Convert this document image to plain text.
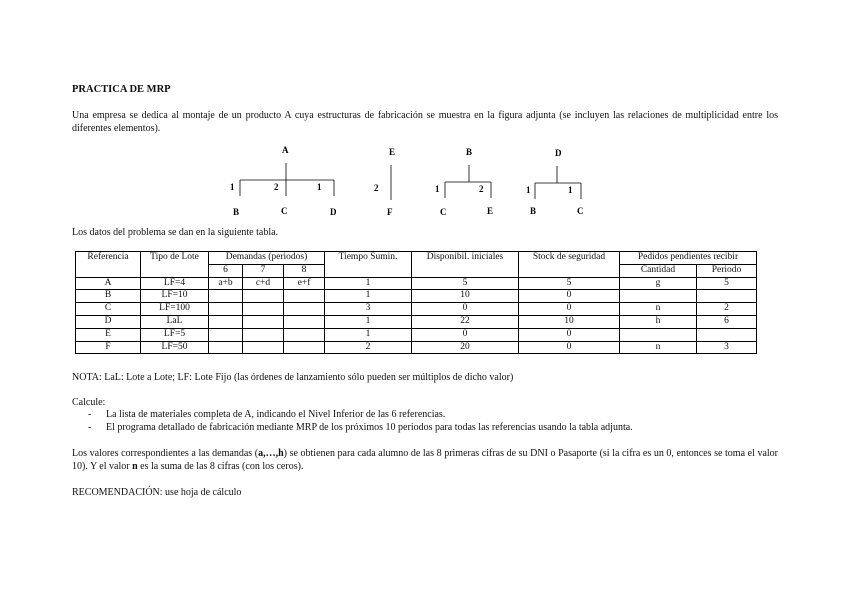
PRACTICA DE MRP
Una empresa se dedica al montaje de un producto A cuya estructuras de fabricación se muestra en la figura adjunta (se incluyen las relaciones de multiplicidad entre los diferentes elementos).
A
1	2	1
B	C	D
E
2
F
B
1	2
C	E
D
1	1
B	C
Los datos del problema se dan en la siguiente tabla.
Referencia	Tipo de Lote	Demandas (periodos)			Tiempo Sumin.	Disponibil. iniciales	Stock de seguridad	Pedidos pendientes recibir	
		6	7	8				Cantidad	Periodo
A	LF=4	a+b	c+d	e+f	1	5	5	g	5
B	LF=10				1	10	0		
C	LF=100				3	0	0	n	2
D	LaL				1	22	10	h	6
E	LF=5				1	0	0		
F	LF=50				2	20	0	n	3
NOTA: LaL: Lote a Lote; LF: Lote Fijo (las órdenes de lanzamiento sólo pueden ser múltiplos de dicho valor)
Calcule:
- La lista de materiales completa de A, indicando el Nivel Inferior de las 6 referencias.
- El programa detallado de fabricación mediante MRP de los próximos 10 periodos para todas las referencias usando la tabla adjunta.
Los valores correspondientes a las demandas (a,…,h) se obtienen para cada alumno de las 8 primeras cifras de su DNI o Pasaporte (si la cifra es un 0, entonces se toma el valor 10). Y el valor n es la suma de las 8 cifras (con los ceros).
RECOMENDACIÓN: use hoja de cálculo
